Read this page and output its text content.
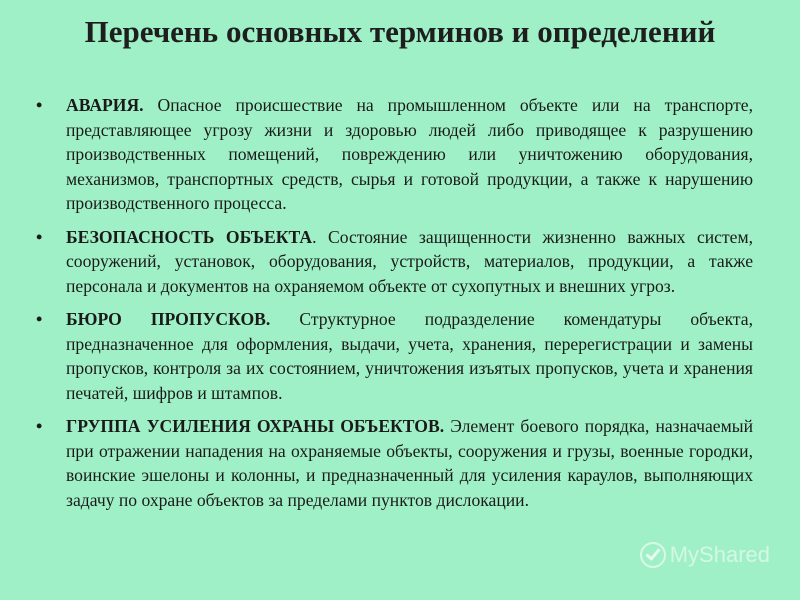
Перечень основных терминов и определений
• АВАРИЯ. Опасное происшествие на промышленном объекте или на транспорте, представляющее угрозу жизни и здоровью людей либо приводящее к разрушению производственных помещений, повреждению или уничтожению оборудования, механизмов, транспортных средств, сырья и готовой продукции, а также к нарушению производственного процесса.
• БЕЗОПАСНОСТЬ ОБЪЕКТА. Состояние защищенности жизненно важных систем, сооружений, установок, оборудования, устройств, материалов, продукции, а также персонала и документов на охраняемом объекте от сухопутных и внешних угроз.
• БЮРО ПРОПУСКОВ. Структурное подразделение комендатуры объекта, предназначенное для оформления, выдачи, учета, хранения, перерегистрации и замены пропусков, контроля за их состоянием, уничтожения изъятых пропусков, учета и хранения печатей, шифров и штампов.
• ГРУППА УСИЛЕНИЯ ОХРАНЫ ОБЪЕКТОВ. Элемент боевого порядка, назначаемый при отражении нападения на охраняемые объекты, сооружения и грузы, военные городки, воинские эшелоны и колонны, и предназначенный для усиления караулов, выполняющих задачу по охране объектов за пределами пунктов дислокации.
MyShared
